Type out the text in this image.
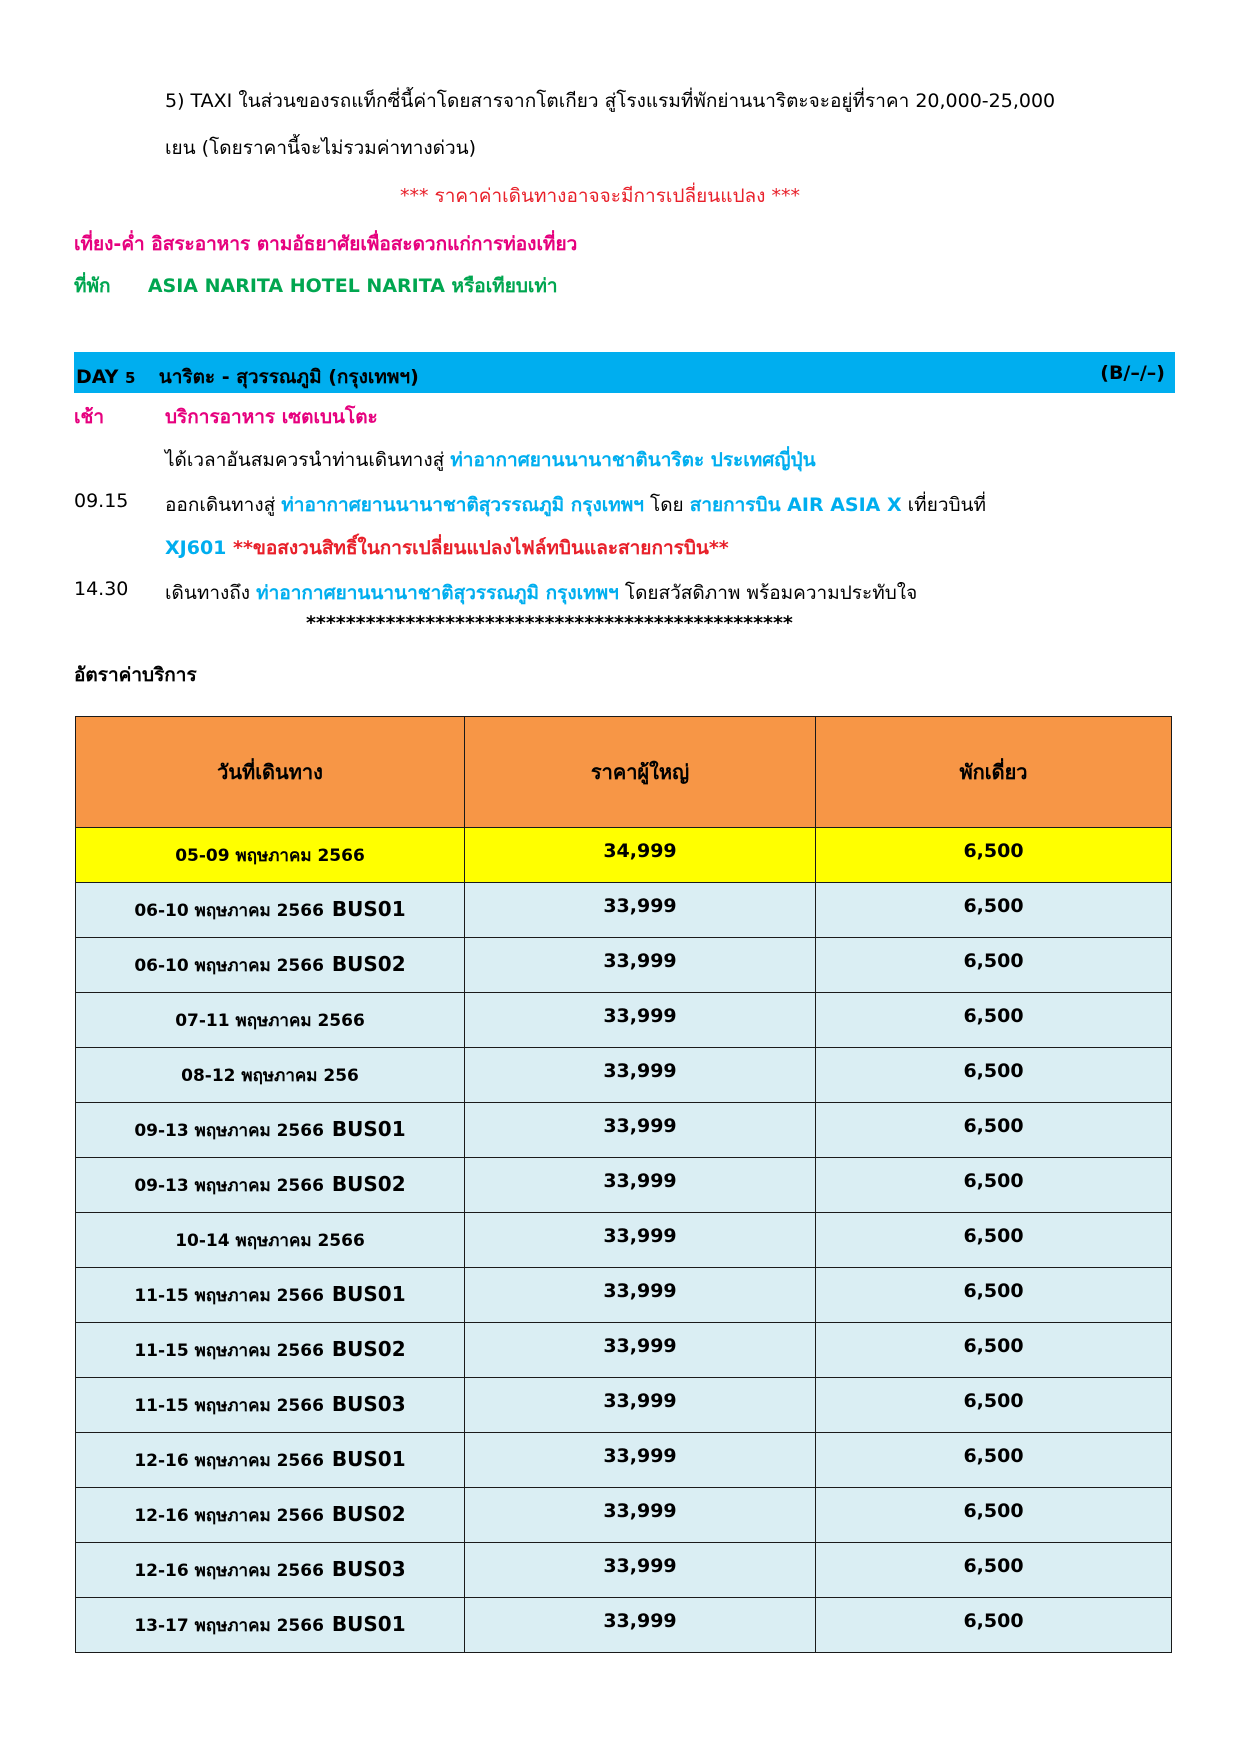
5) TAXI ในส่วนของรถแท็กซี่นี้ค่าโดยสารจากโตเกียว สู่โรงแรมที่พักย่านนาริตะจะอยู่ที่ราคา 20,000-25,000
เยน (โดยราคานี้จะไม่รวมค่าทางด่วน)
*** ราคาค่าเดินทางอาจจะมีการเปลี่ยนแปลง ***
เที่ยง-ค่ำ อิสระอาหาร ตามอัธยาศัยเพื่อสะดวกแก่การท่องเที่ยว
ที่พัก ASIA NARITA HOTEL NARITA หรือเทียบเท่า
DAY 5 นาริตะ - สุวรรณภูมิ (กรุงเทพฯ)	(B/–/–)
เช้า	บริการอาหาร เซตเบนโตะ
ได้เวลาอันสมควรนำท่านเดินทางสู่ ท่าอากาศยานนานาชาตินาริตะ ประเทศญี่ปุ่น
09.15 ออกเดินทางสู่ ท่าอากาศยานนานาชาติสุวรรณภูมิ กรุงเทพฯ โดย สายการบิน AIR ASIA X เที่ยวบินที่
XJ601 **ขอสงวนสิทธิ์ในการเปลี่ยนแปลงไฟล์ทบินและสายการบิน**
14.30 เดินทางถึง ท่าอากาศยานนานาชาติสุวรรณภูมิ กรุงเทพฯ โดยสวัสดิภาพ พร้อมความประทับใจ
*************************************************
อัตราค่าบริการ
วันที่เดินทาง	ราคาผู้ใหญ่	พักเดี่ยว
05-09 พฤษภาคม 2566	34,999	6,500
06-10 พฤษภาคม 2566 BUS01	33,999	6,500
06-10 พฤษภาคม 2566 BUS02	33,999	6,500
07-11 พฤษภาคม 2566	33,999	6,500
08-12 พฤษภาคม 256	33,999	6,500
09-13 พฤษภาคม 2566 BUS01	33,999	6,500
09-13 พฤษภาคม 2566 BUS02	33,999	6,500
10-14 พฤษภาคม 2566	33,999	6,500
11-15 พฤษภาคม 2566 BUS01	33,999	6,500
11-15 พฤษภาคม 2566 BUS02	33,999	6,500
11-15 พฤษภาคม 2566 BUS03	33,999	6,500
12-16 พฤษภาคม 2566 BUS01	33,999	6,500
12-16 พฤษภาคม 2566 BUS02	33,999	6,500
12-16 พฤษภาคม 2566 BUS03	33,999	6,500
13-17 พฤษภาคม 2566 BUS01	33,999	6,500
